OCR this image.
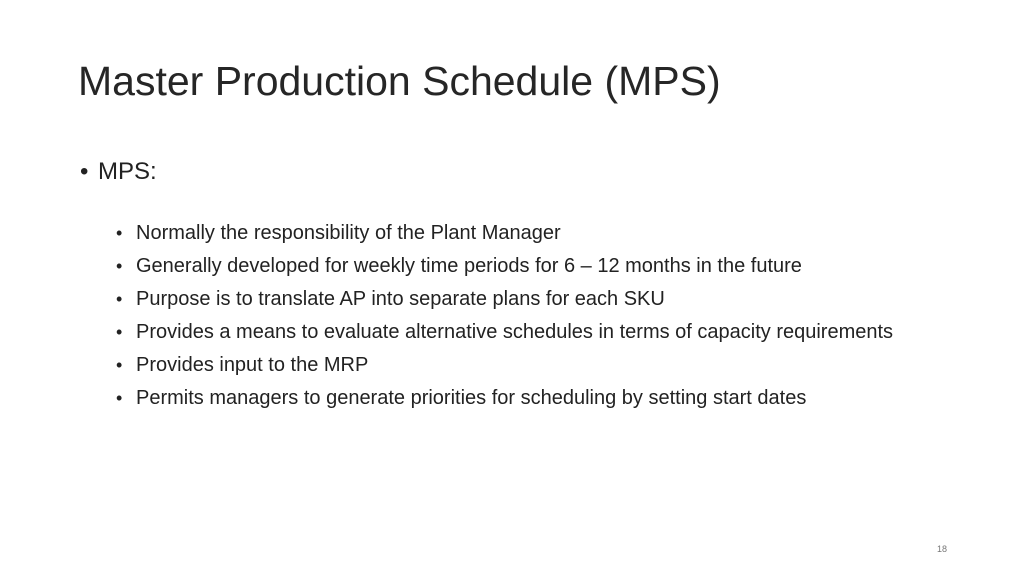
Master Production Schedule (MPS)
• MPS:
• Normally the responsibility of the Plant Manager
• Generally developed for weekly time periods for 6 – 12 months in the future
• Purpose is to translate AP into separate plans for each SKU
• Provides a means to evaluate alternative schedules in terms of capacity requirements
• Provides input to the MRP
• Permits managers to generate priorities for scheduling by setting start dates
18
